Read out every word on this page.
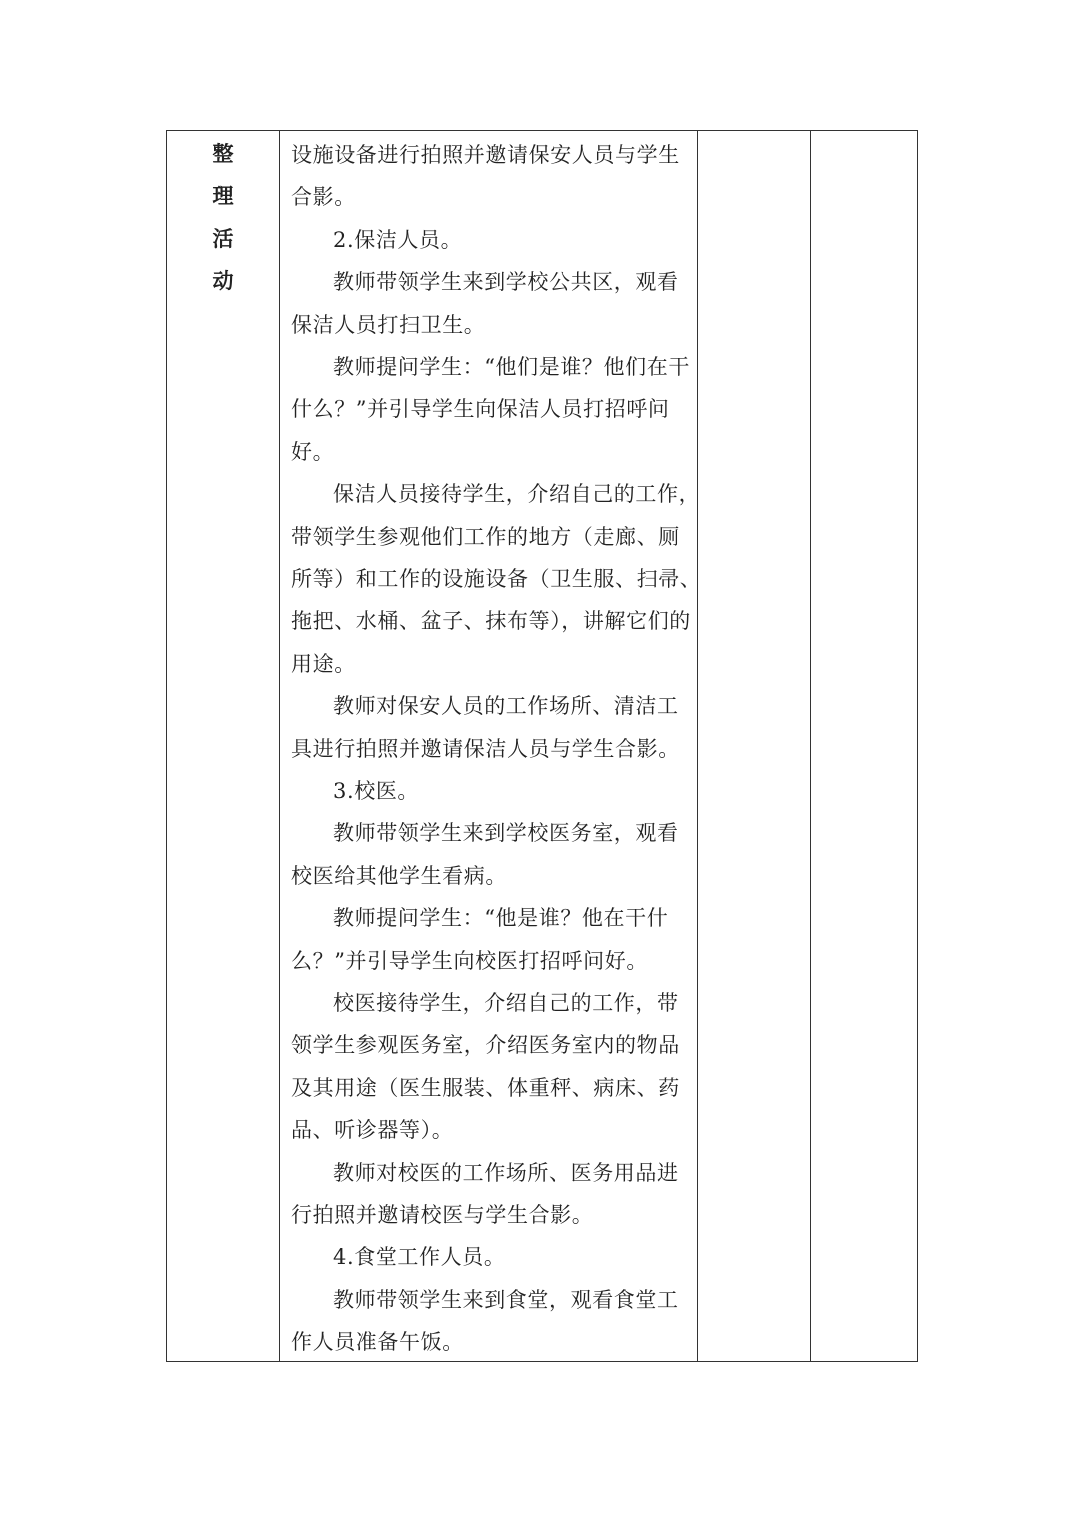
整
理
活
动
设施设备进行拍照并邀请保安人员与学生
合影。
2.保洁人员。
教师带领学生来到学校公共区，观看
保洁人员打扫卫生。
教师提问学生：“他们是谁？他们在干
什么？”并引导学生向保洁人员打招呼问
好。
保洁人员接待学生，介绍自己的工作，
带领学生参观他们工作的地方（走廊、厕
所等）和工作的设施设备（卫生服、扫帚、
拖把、水桶、盆子、抹布等），讲解它们的
用途。
教师对保安人员的工作场所、清洁工
具进行拍照并邀请保洁人员与学生合影。
3.校医。
教师带领学生来到学校医务室，观看
校医给其他学生看病。
教师提问学生：“他是谁？他在干什
么？”并引导学生向校医打招呼问好。
校医接待学生，介绍自己的工作，带
领学生参观医务室，介绍医务室内的物品
及其用途（医生服装、体重秤、病床、药
品、听诊器等）。
教师对校医的工作场所、医务用品进
行拍照并邀请校医与学生合影。
4.食堂工作人员。
教师带领学生来到食堂，观看食堂工
作人员准备午饭。
